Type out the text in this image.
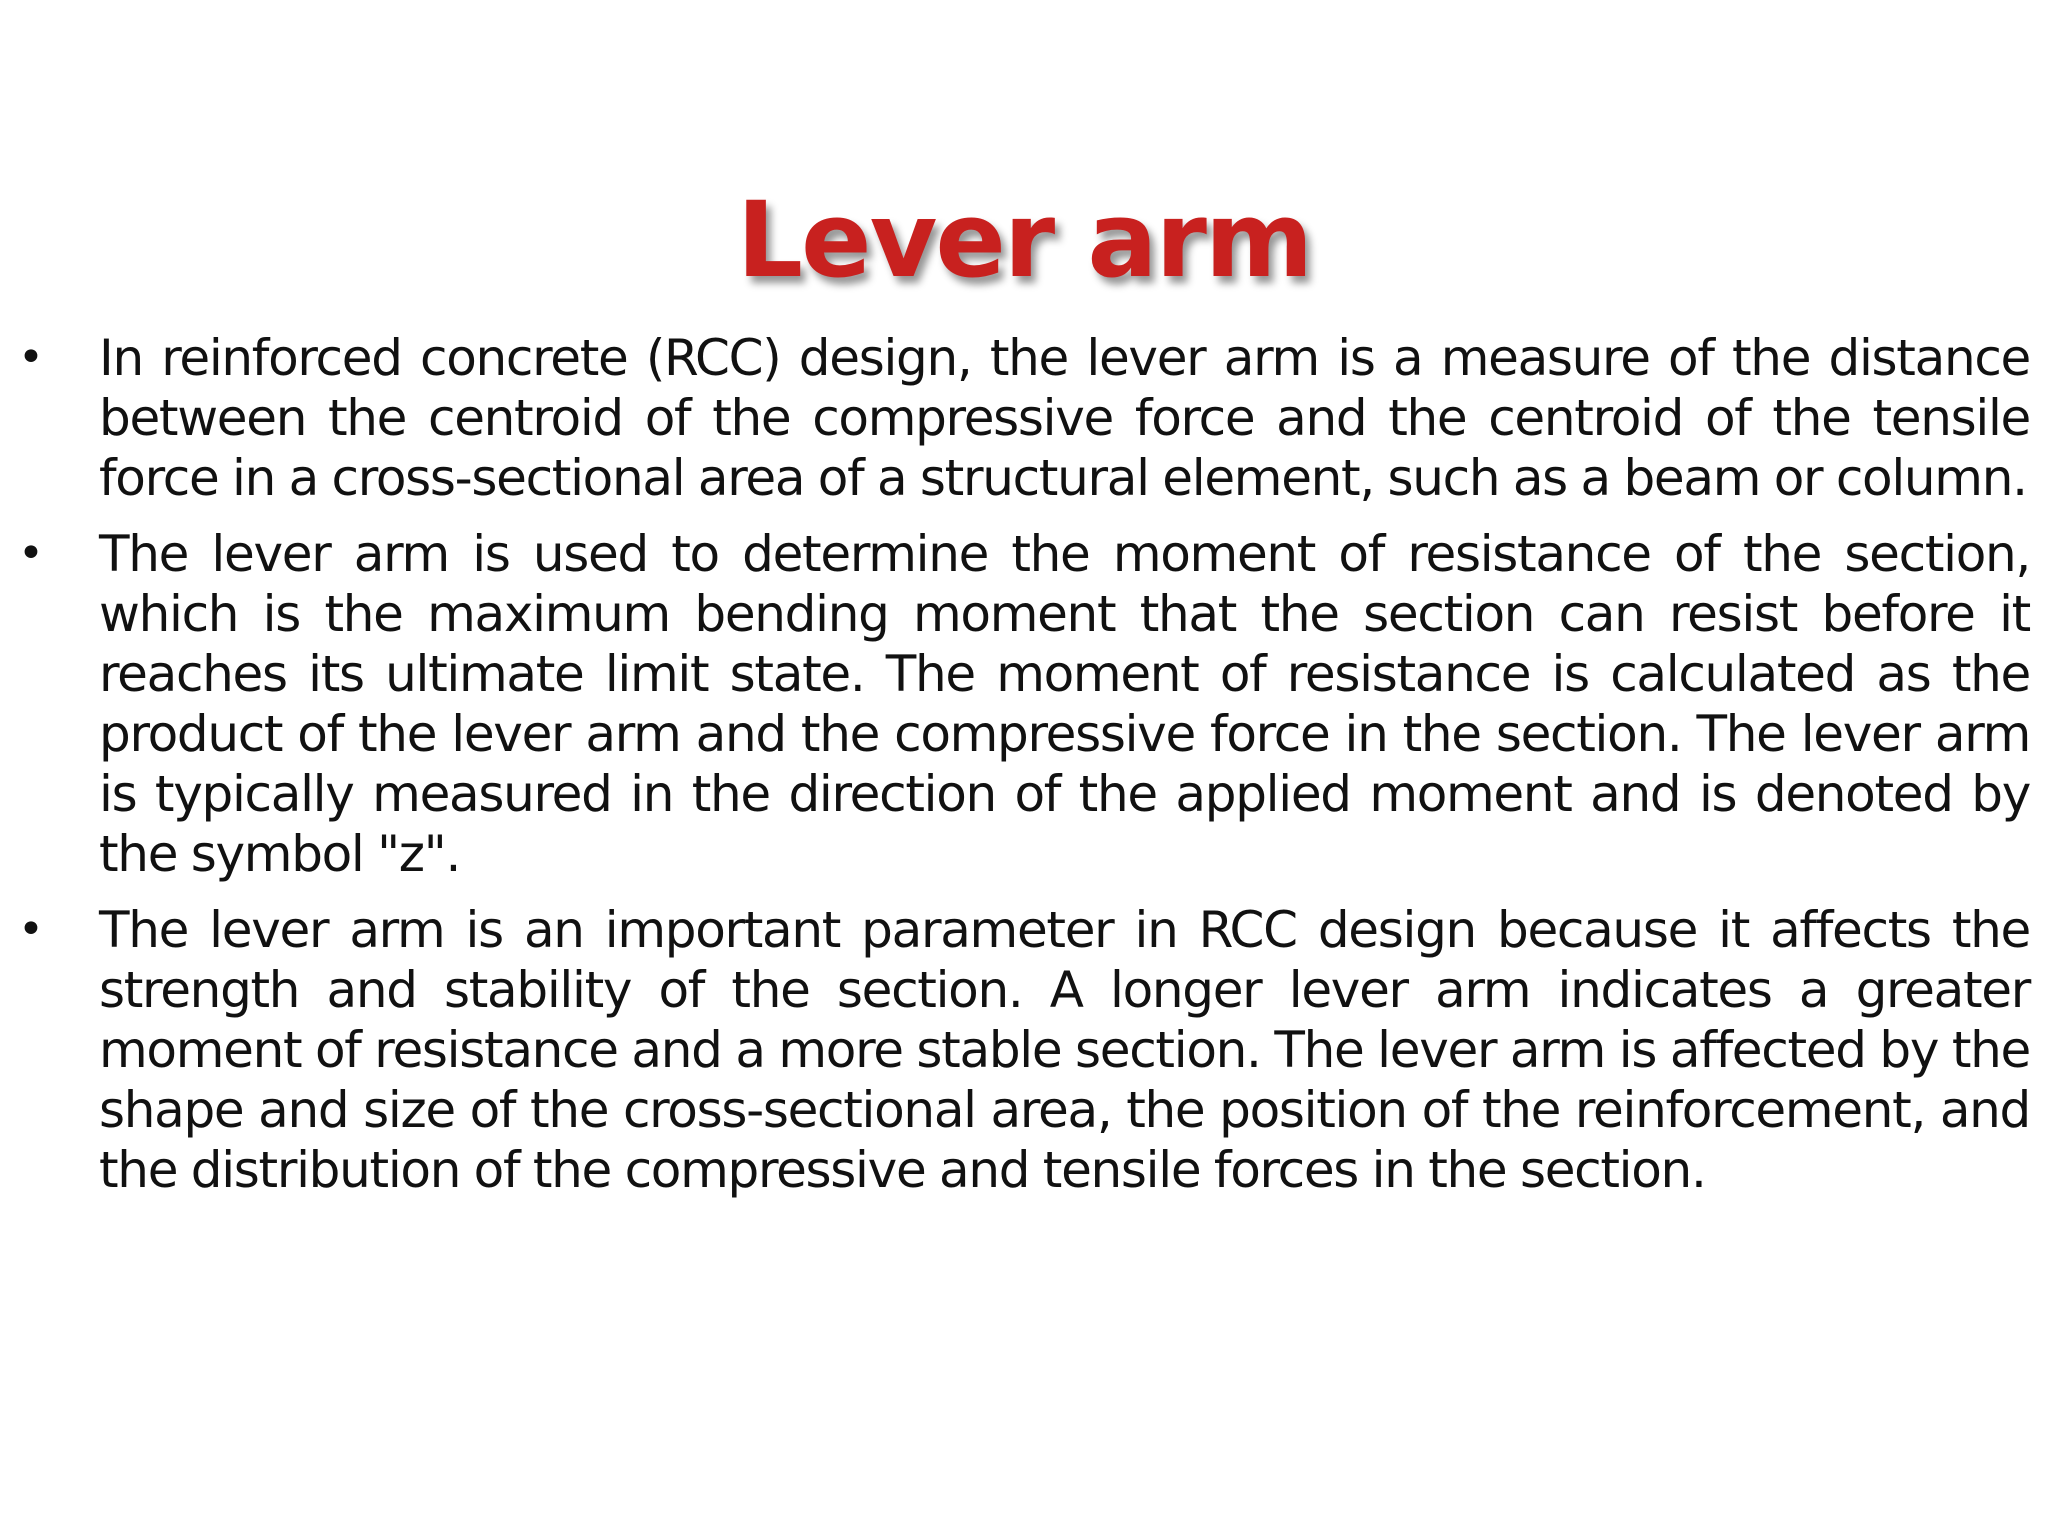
Lever arm
• In reinforced concrete (RCC) design, the lever arm is a measure of the distance between the centroid of the compressive force and the centroid of the tensile force in a cross-sectional area of a structural element, such as a beam or column.
• The lever arm is used to determine the moment of resistance of the section, which is the maximum bending moment that the section can resist before it reaches its ultimate limit state. The moment of resistance is calculated as the product of the lever arm and the compressive force in the section. The lever arm is typically measured in the direction of the applied moment and is denoted by the symbol "z".
• The lever arm is an important parameter in RCC design because it affects the strength and stability of the section. A longer lever arm indicates a greater moment of resistance and a more stable section. The lever arm is affected by the shape and size of the cross-sectional area, the position of the reinforcement, and the distribution of the compressive and tensile forces in the section.
